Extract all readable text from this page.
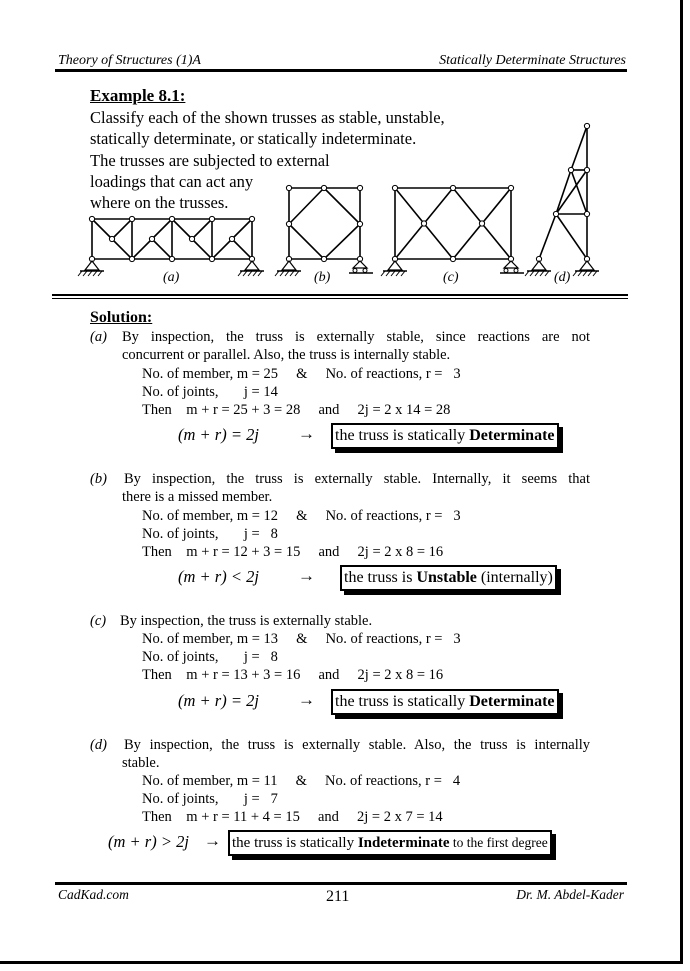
Theory of Structures (1)A	Statically Determinate Structures
Example 8.1:
Classify each of the shown trusses as stable, unstable,
statically determinate, or statically indeterminate.
The trusses are subjected to external
loadings that can act any
where on the trusses.
(a)	(b)	(c)	(d)
Solution:
(a) By inspection, the truss is externally stable, since reactions are not
concurrent or parallel. Also, the truss is internally stable.
No. of member, m = 25     &     No. of reactions, r =   3
No. of joints,       j = 14
Then    m + r = 25 + 3 = 28     and     2j = 2 x 14 = 28
(m + r) = 2j → the truss is statically Determinate
(b) By inspection, the truss is externally stable. Internally, it seems that
there is a missed member.
No. of member, m = 12     &     No. of reactions, r =   3
No. of joints,       j =   8
Then    m + r = 12 + 3 = 15     and     2j = 2 x 8 = 16
(m + r) < 2j → the truss is Unstable (internally)
(c) By inspection, the truss is externally stable.
No. of member, m = 13     &     No. of reactions, r =   3
No. of joints,       j =   8
Then    m + r = 13 + 3 = 16     and     2j = 2 x 8 = 16
(m + r) = 2j → the truss is statically Determinate
(d) By inspection, the truss is externally stable. Also, the truss is internally
stable.
No. of member, m = 11     &     No. of reactions, r =   4
No. of joints,       j =   7
Then    m + r = 11 + 4 = 15     and     2j = 2 x 7 = 14
(m + r) > 2j → the truss is statically Indeterminate to the first degree
CadKad.com	211	Dr. M. Abdel-Kader
